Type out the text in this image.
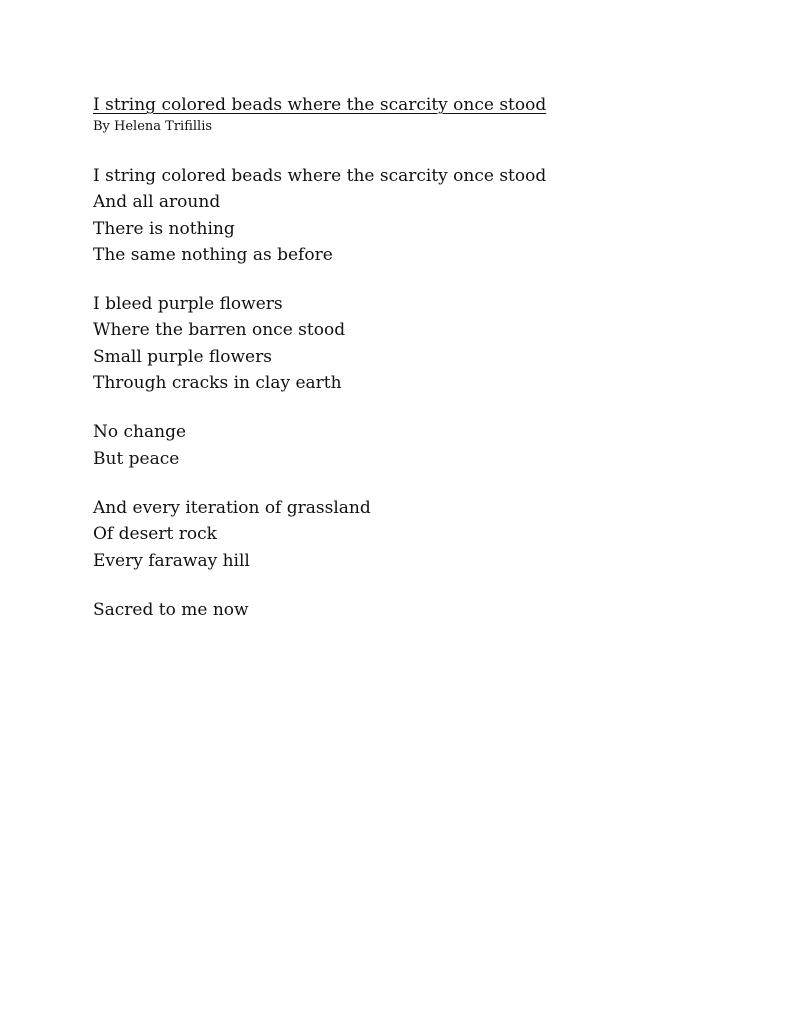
I string colored beads where the scarcity once stood
By Helena Trifillis
I string colored beads where the scarcity once stood
And all around
There is nothing
The same nothing as before
I bleed purple flowers
Where the barren once stood
Small purple flowers
Through cracks in clay earth
No change
But peace
And every iteration of grassland
Of desert rock
Every faraway hill
Sacred to me now
